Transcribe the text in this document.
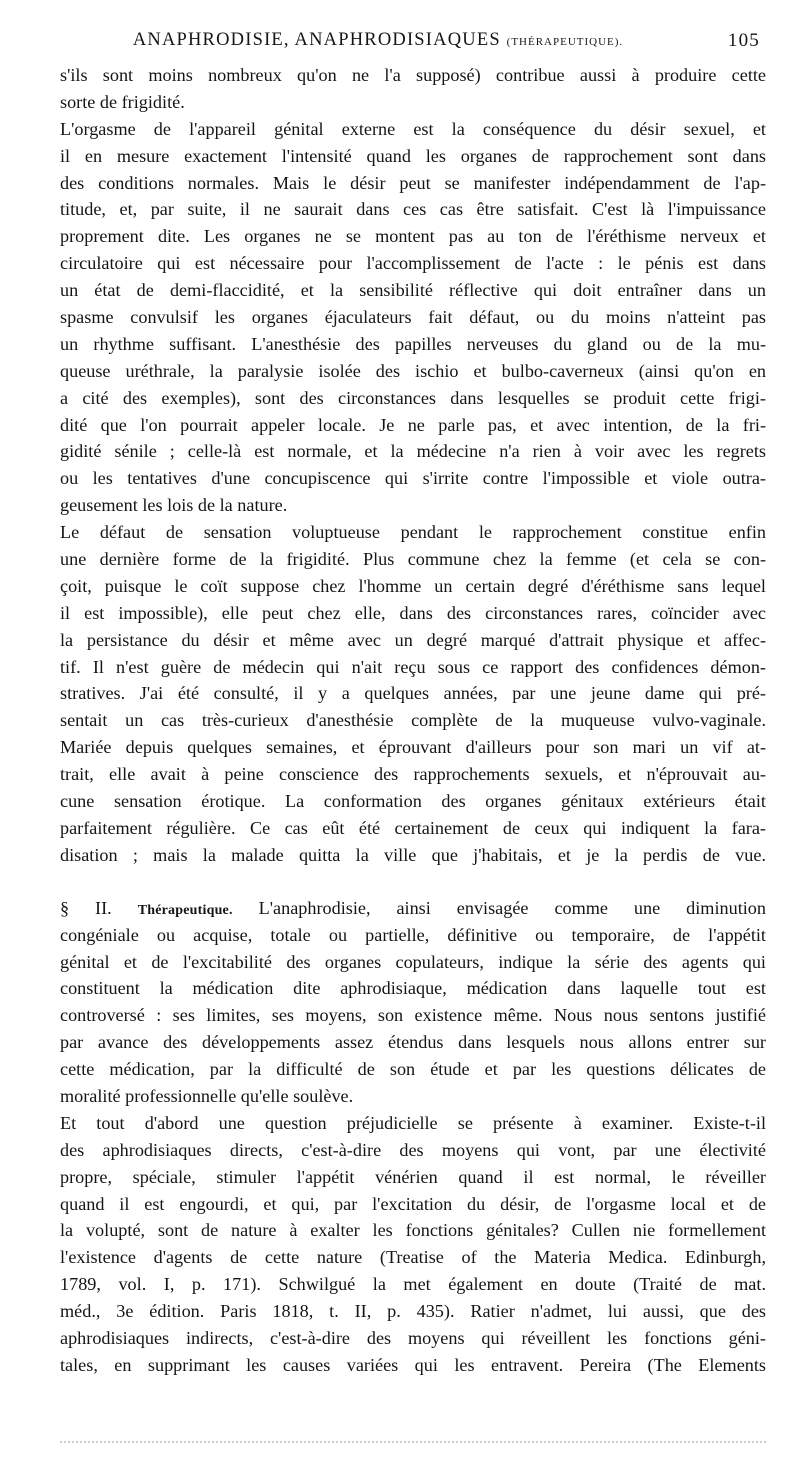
ANAPHRODISIE, ANAPHRODISIAQUES (THÉRAPEUTIQUE).	105
s'ils sont moins nombreux qu'on ne l'a supposé) contribue aussi à produire cette
sorte de frigidité.
L'orgasme de l'appareil génital externe est la conséquence du désir sexuel, et
il en mesure exactement l'intensité quand les organes de rapprochement sont dans
des conditions normales. Mais le désir peut se manifester indépendamment de l'ap-
titude, et, par suite, il ne saurait dans ces cas être satisfait. C'est là l'impuissance
proprement dite. Les organes ne se montent pas au ton de l'éréthisme nerveux et
circulatoire qui est nécessaire pour l'accomplissement de l'acte : le pénis est dans
un état de demi-flaccidité, et la sensibilité réflective qui doit entraîner dans un
spasme convulsif les organes éjaculateurs fait défaut, ou du moins n'atteint pas
un rhythme suffisant. L'anesthésie des papilles nerveuses du gland ou de la mu-
queuse uréthrale, la paralysie isolée des ischio et bulbo-caverneux (ainsi qu'on en
a cité des exemples), sont des circonstances dans lesquelles se produit cette frigi-
dité que l'on pourrait appeler locale. Je ne parle pas, et avec intention, de la fri-
gidité sénile ; celle-là est normale, et la médecine n'a rien à voir avec les regrets
ou les tentatives d'une concupiscence qui s'irrite contre l'impossible et viole outra-
geusement les lois de la nature.
Le défaut de sensation voluptueuse pendant le rapprochement constitue enfin
une dernière forme de la frigidité. Plus commune chez la femme (et cela se con-
çoit, puisque le coït suppose chez l'homme un certain degré d'éréthisme sans lequel
il est impossible), elle peut chez elle, dans des circonstances rares, coïncider avec
la persistance du désir et même avec un degré marqué d'attrait physique et affec-
tif. Il n'est guère de médecin qui n'ait reçu sous ce rapport des confidences démon-
stratives. J'ai été consulté, il y a quelques années, par une jeune dame qui pré-
sentait un cas très-curieux d'anesthésie complète de la muqueuse vulvo-vaginale.
Mariée depuis quelques semaines, et éprouvant d'ailleurs pour son mari un vif at-
trait, elle avait à peine conscience des rapprochements sexuels, et n'éprouvait au-
cune sensation érotique. La conformation des organes génitaux extérieurs était
parfaitement régulière. Ce cas eût été certainement de ceux qui indiquent la fara-
disation ; mais la malade quitta la ville que j'habitais, et je la perdis de vue.
§ II. Thérapeutique. L'anaphrodisie, ainsi envisagée comme une diminution
congéniale ou acquise, totale ou partielle, définitive ou temporaire, de l'appétit
génital et de l'excitabilité des organes copulateurs, indique la série des agents qui
constituent la médication dite aphrodisiaque, médication dans laquelle tout est
controversé : ses limites, ses moyens, son existence même. Nous nous sentons justifié
par avance des développements assez étendus dans lesquels nous allons entrer sur
cette médication, par la difficulté de son étude et par les questions délicates de
moralité professionnelle qu'elle soulève.
Et tout d'abord une question préjudicielle se présente à examiner. Existe-t-il
des aphrodisiaques directs, c'est-à-dire des moyens qui vont, par une électivité
propre, spéciale, stimuler l'appétit vénérien quand il est normal, le réveiller
quand il est engourdi, et qui, par l'excitation du désir, de l'orgasme local et de
la volupté, sont de nature à exalter les fonctions génitales? Cullen nie formellement
l'existence d'agents de cette nature (Treatise of the Materia Medica. Edinburgh,
1789, vol. I, p. 171). Schwilgué la met également en doute (Traité de mat.
méd., 3e édition. Paris 1818, t. II, p. 435). Ratier n'admet, lui aussi, que des
aphrodisiaques indirects, c'est-à-dire des moyens qui réveillent les fonctions géni-
tales, en supprimant les causes variées qui les entravent. Pereira (The Elements
